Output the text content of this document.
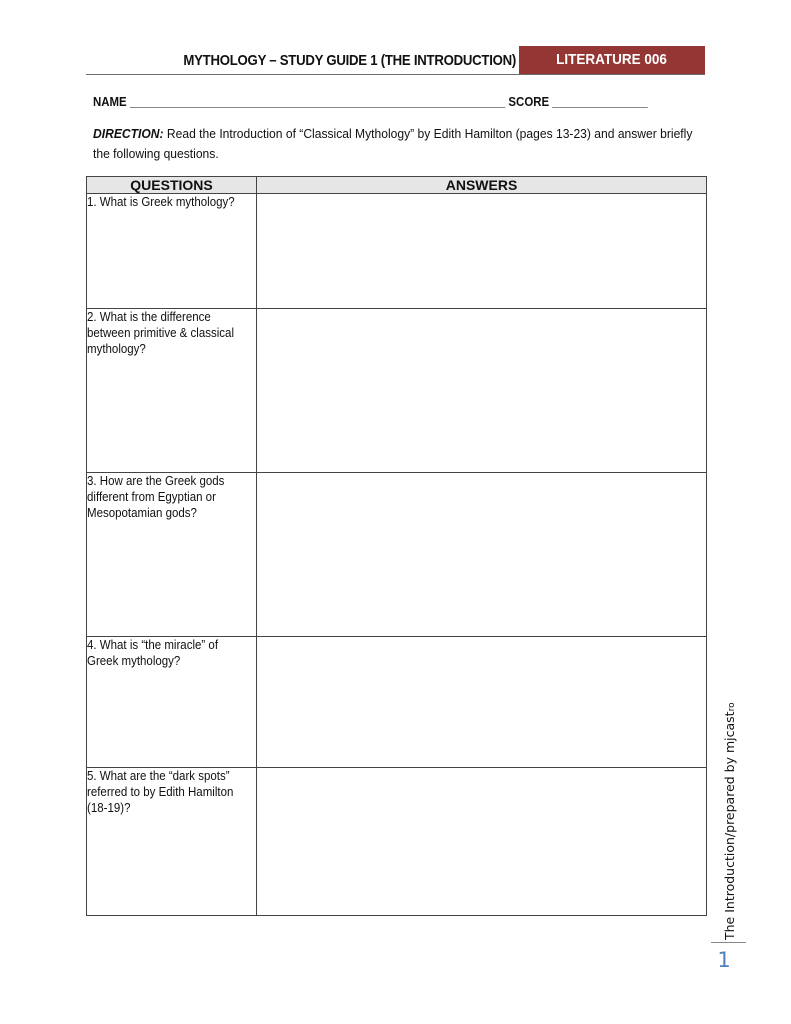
MYTHOLOGY – STUDY GUIDE 1 (THE INTRODUCTION)	LITERATURE 006
NAME ___________________________________________________________ SCORE _______________
DIRECTION: Read the Introduction of “Classical Mythology” by Edith Hamilton (pages 13-23) and answer briefly the following questions.
QUESTIONS	ANSWERS

1. What is Greek mythology?	

2. What is the difference between primitive & classical mythology?	

3. How are the Greek gods different from Egyptian or Mesopotamian gods?	

4. What is “the miracle” of Greek mythology?	

5. What are the “dark spots” referred to by Edith Hamilton (18-19)?	
		The Introduction/prepared by mjcastro
1
